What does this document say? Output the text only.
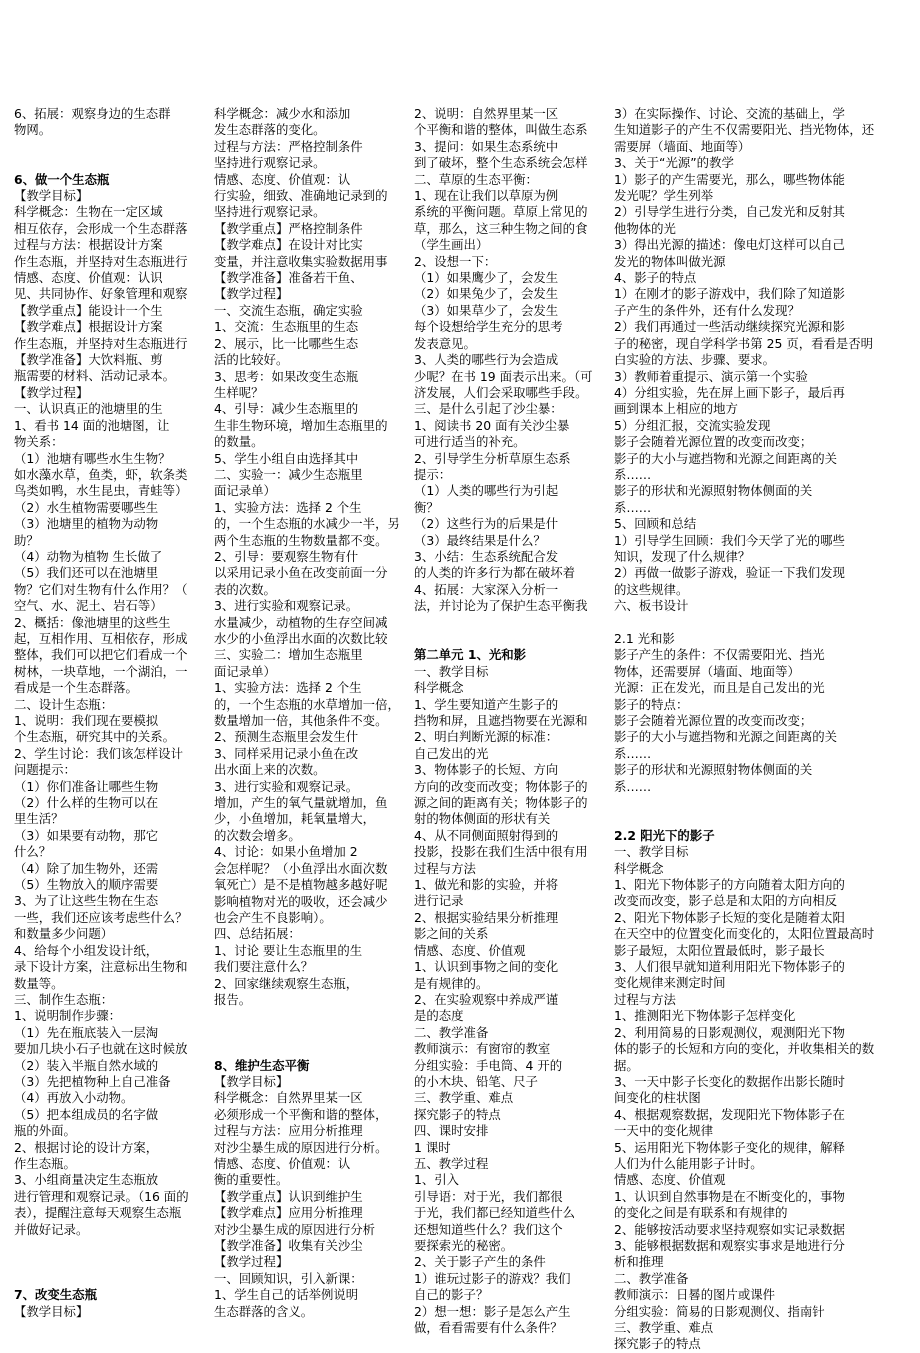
6、拓展：观察身边的生态群

物网。

6、做一个生态瓶

【教学目标】

科学概念：生物在一定区域

相互依存，会形成一个生态群落

过程与方法：根据设计方案

作生态瓶，并坚持对生态瓶进行

情感、态度、价值观：认识

见、共同协作、好象管理和观察

【教学重点】能设计一个生

【教学难点】根据设计方案

作生态瓶，并坚持对生态瓶进行

【教学准备】大饮料瓶、剪

瓶需要的材料、活动记录本。

【教学过程】

一、认识真正的池塘里的生

1、看书 14 面的池塘图，让

物关系：

（1）池塘有哪些水生生物？

如水藻水草，鱼类，虾，软条类

鸟类如鸭，水生昆虫，青蛙等）

（2）水生植物需要哪些生

（3）池塘里的植物为动物

助？

（4）动物为植物 生长做了

（5）我们还可以在池塘里

物？它们对生物有什么作用？（

空气、水、泥土、岩石等）

2、概括：像池塘里的这些生

起，互相作用、互相依存，形成

整体，我们可以把它们看成一个

树林，一块草地，一个湖泊，一

看成是一个生态群落。

二、设计生态瓶：

1、说明：我们现在要模拟

个生态瓶，研究其中的关系。

2、学生讨论：我们该怎样设计

问题提示：

（1）你们准备让哪些生物

（2）什么样的生物可以在

里生活？

（3）如果要有动物，那它

什么？

（4）除了加生物外，还需

（5）生物放入的顺序需要

3、为了让这些生物在生态

一些，我们还应该考虑些什么？

和数量多少问题）

4、给每个小组发设计纸，

录下设计方案，注意标出生物和

数量等。

三、制作生态瓶：

1、说明制作步骤：

（1）先在瓶底装入一层淘

要加几块小石子也就在这时候放

（2）装入半瓶自然水域的

（3）先把植物种上自己准备

（4）再放入小动物。

（5）把本组成员的名字做

瓶的外面。

2、根据讨论的设计方案，

作生态瓶。

3、小组商量决定生态瓶放

进行管理和观察记录。（16 面的

表），提醒注意每天观察生态瓶

并做好记录。

7、改变生态瓶

【教学目标】

科学概念：减少水和添加

发生态群落的变化。

过程与方法：严格控制条件

坚持进行观察记录。

情感、态度、价值观：认

行实验，细致、准确地记录到的

坚持进行观察记录。

【教学重点】严格控制条件

【教学难点】在设计对比实

变量，并注意收集实验数据用事

【教学准备】准备若干鱼、

【教学过程】

一、交流生态瓶，确定实验

1、交流：生态瓶里的生态

2、展示，比一比哪些生态

活的比较好。

3、思考：如果改变生态瓶

生样呢？

4、引导：减少生态瓶里的

生非生物环境，增加生态瓶里的

的数量。

5、学生小组自由选择其中

二、实验一：减少生态瓶里

面记录单）

1、实验方法：选择 2 个生

的，一个生态瓶的水减少一半，另

两个生态瓶的生物数量都不变。

2、引导：要观察生物有什

以采用记录小鱼在改变前面一分

表的次数。

3、进行实验和观察记录。

水量减少，动植物的生存空间减

水少的小鱼浮出水面的次数比较

三、实验二：增加生态瓶里

面记录单）

1、实验方法：选择 2 个生

的，一个生态瓶的水草增加一倍，

数量增加一倍，其他条件不变。

2、预测生态瓶里会发生什

3、同样采用记录小鱼在改

出水面上来的次数。

3、进行实验和观察记录。

增加，产生的氧气量就增加，鱼

少，小鱼增加，耗氧量增大，

的次数会增多。

4、讨论：如果小鱼增加 2

会怎样呢？（小鱼浮出水面次数

氧死亡）是不是植物越多越好呢

影响植物对光的吸收，还会减少

也会产生不良影响）。

四、总结拓展：

1、讨论 要让生态瓶里的生

我们要注意什么？

2、回家继续观察生态瓶，

报告。

8、维护生态平衡

【教学目标】

科学概念：自然界里某一区

必须形成一个平衡和谐的整体，

过程与方法：应用分析推理

对沙尘暴生成的原因进行分析。

情感、态度、价值观：认

衡的重要性。

【教学重点】认识到维护生

【教学难点】应用分析推理

对沙尘暴生成的原因进行分析

【教学准备】收集有关沙尘

【教学过程】

一、回顾知识，引入新课：

1、学生自己的话举例说明

生态群落的含义。

2、说明：自然界里某一区

个平衡和谐的整体，叫做生态系

3、提问：如果生态系统中

到了破坏，整个生态系统会怎样

二、草原的生态平衡：

1、现在让我们以草原为例

系统的平衡问题。草原上常见的

草，那么，这三种生物之间的食

（学生画出）

2、设想一下：

（1）如果鹰少了，会发生

（2）如果兔少了，会发生

（3）如果草少了，会发生

每个设想给学生充分的思考

发表意见。

3、人类的哪些行为会造成

少呢？在书 19 面表示出来。（可

济发展，人们会采取哪些手段。

三、是什么引起了沙尘暴：

1、阅读书 20 面有关沙尘暴

可进行适当的补充。

2、引导学生分析草原生态系

提示：

（1）人类的哪些行为引起

衡？

（2）这些行为的后果是什

（3）最终结果是什么？

3、小结：生态系统配合发

的人类的许多行为都在破坏着

4、拓展：大家深入分析一

法，并讨论为了保护生态平衡我

第二单元 1、光和影

一、教学目标

科学概念

1、学生要知道产生影子的

挡物和屏，且遮挡物要在光源和

2、明白判断光源的标准：

自己发出的光

3、物体影子的长短、方向

方向的改变而改变；物体影子的

源之间的距离有关；物体影子的

射的物体侧面的形状有关

4、从不同侧面照射得到的

投影，投影在我们生活中很有用

过程与方法

1、做光和影的实验，并将

进行记录

2、根据实验结果分析推理

影之间的关系

情感、态度、价值观

1、认识到事物之间的变化

是有规律的。

2、在实验观察中养成严谨

是的态度

二、教学准备

教师演示：有窗帘的教室

分组实验：手电筒、4 开的

的小木块、铅笔、尺子

三、教学重、难点

探究影子的特点

四、课时安排

1 课时

五、教学过程

1、引入

引导语：对于光，我们都很

于光，我们都已经知道些什么

还想知道些什么？我们这个

要探索光的秘密。

2、关于影子产生的条件

1）谁玩过影子的游戏？我们

自己的影子？

2）想一想：影子是怎么产生

做，看看需要有什么条件？

3）在实际操作、讨论、交流的基础上，学

生知道影子的产生不仅需要阳光、挡光物体，还

需要屏（墙面、地面等）

3、关于“光源”的教学

1）影子的产生需要光，那么，哪些物体能

发光呢？学生列举

2）引导学生进行分类，自己发光和反射其

他物体的光

3）得出光源的描述：像电灯这样可以自己

发光的物体叫做光源

4、影子的特点

1）在刚才的影子游戏中，我们除了知道影

子产生的条件外，还有什么发现？

2）我们再通过一些活动继续探究光源和影

子的秘密，现自学科学书第 25 页，看看是否明

白实验的方法、步骤、要求。

3）教师着重提示、演示第一个实验

4）分组实验，先在屏上画下影子，最后再

画到课本上相应的地方

5）分组汇报，交流实验发现

影子会随着光源位置的改变而改变；

影子的大小与遮挡物和光源之间距离的关

系……

影子的形状和光源照射物体侧面的关

系……

5、回顾和总结

1）引导学生回顾：我们今天学了光的哪些

知识，发现了什么规律？

2）再做一做影子游戏，验证一下我们发现

的这些规律。

六、板书设计

2.1 光和影

影子产生的条件：不仅需要阳光、挡光

物体，还需要屏（墙面、地面等）

光源：正在发光，而且是自己发出的光

影子的特点：

影子会随着光源位置的改变而改变；

影子的大小与遮挡物和光源之间距离的关

系……

影子的形状和光源照射物体侧面的关

系……

2.2 阳光下的影子

一、教学目标

科学概念

1、阳光下物体影子的方向随着太阳方向的

改变而改变，影子总是和太阳的方向相反

2、阳光下物体影子长短的变化是随着太阳

在天空中的位置变化而变化的，太阳位置最高时

影子最短，太阳位置最低时，影子最长

3、人们很早就知道利用阳光下物体影子的

变化规律来测定时间

过程与方法

1、推测阳光下物体影子怎样变化

2、利用简易的日影观测仪，观测阳光下物

体的影子的长短和方向的变化，并收集相关的数

据。

3、一天中影子长变化的数据作出影长随时

间变化的柱状图

4、根据观察数据，发现阳光下物体影子在

一天中的变化规律

5、运用阳光下物体影子变化的规律，解释

人们为什么能用影子计时。

情感、态度、价值观

1、认识到自然事物是在不断变化的，事物

的变化之间是有联系和有规律的

2、能够按活动要求坚持观察如实记录数据

3、能够根据数据和观察实事求是地进行分

析和推理

二、教学准备

教师演示：日晷的图片或课件

分组实验：简易的日影观测仪、指南针

三、教学重、难点

探究影子的特点
